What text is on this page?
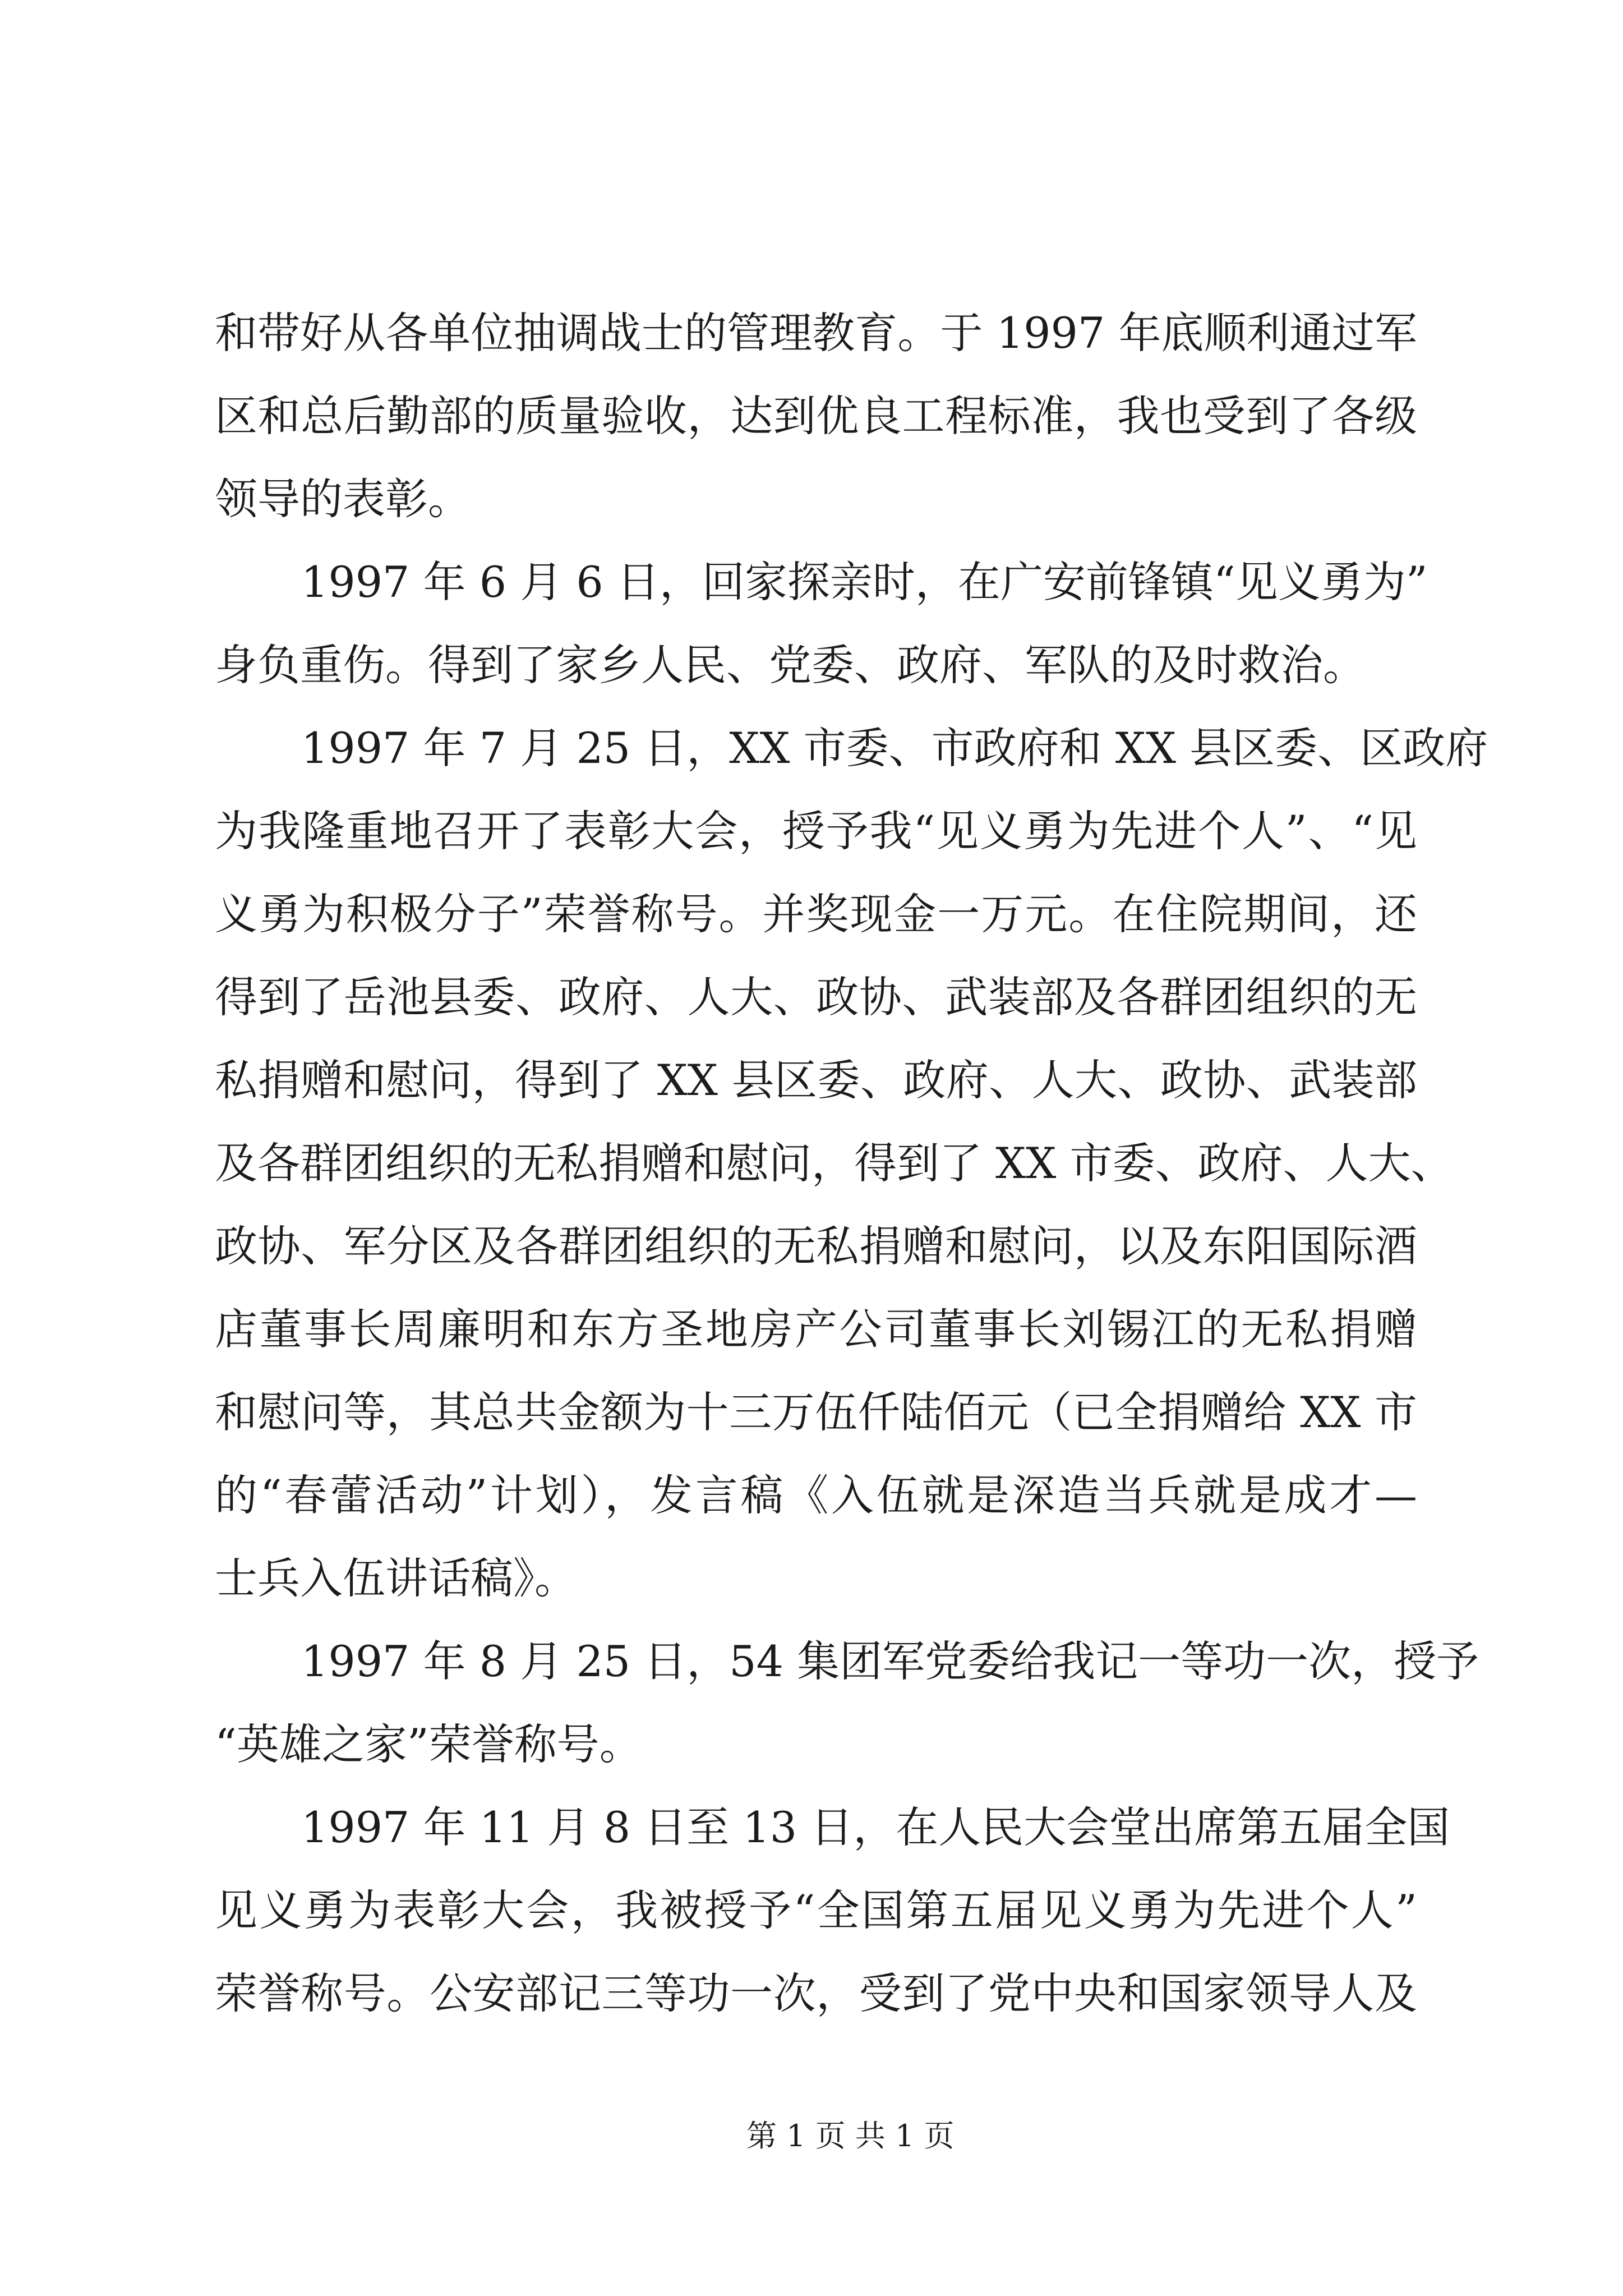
和带好从各单位抽调战士的管理教育。于 1997 年底顺利通过军
区和总后勤部的质量验收，达到优良工程标准，我也受到了各级
领导的表彰。
1997 年 6 月 6 日，回家探亲时，在广安前锋镇“见义勇为”
身负重伤。得到了家乡人民、党委、政府、军队的及时救治。
1997 年 7 月 25 日，XX 市委、市政府和 XX 县区委、区政府
为我隆重地召开了表彰大会，授予我“见义勇为先进个人”、“见
义勇为积极分子”荣誉称号。并奖现金一万元。在住院期间，还
得到了岳池县委、政府、人大、政协、武装部及各群团组织的无
私捐赠和慰问，得到了 XX 县区委、政府、人大、政协、武装部
及各群团组织的无私捐赠和慰问，得到了 XX 市委、政府、人大、
政协、军分区及各群团组织的无私捐赠和慰问，以及东阳国际酒
店董事长周廉明和东方圣地房产公司董事长刘锡江的无私捐赠
和慰问等，其总共金额为十三万伍仟陆佰元（已全捐赠给 XX 市
的“春蕾活动”计划），发言稿《入伍就是深造当兵就是成才—
士兵入伍讲话稿》。
1997 年 8 月 25 日，54 集团军党委给我记一等功一次，授予
“英雄之家”荣誉称号。
1997 年 11 月 8 日至 13 日，在人民大会堂出席第五届全国
见义勇为表彰大会，我被授予“全国第五届见义勇为先进个人”
荣誉称号。公安部记三等功一次，受到了党中央和国家领导人及
第 1 页 共 1 页
